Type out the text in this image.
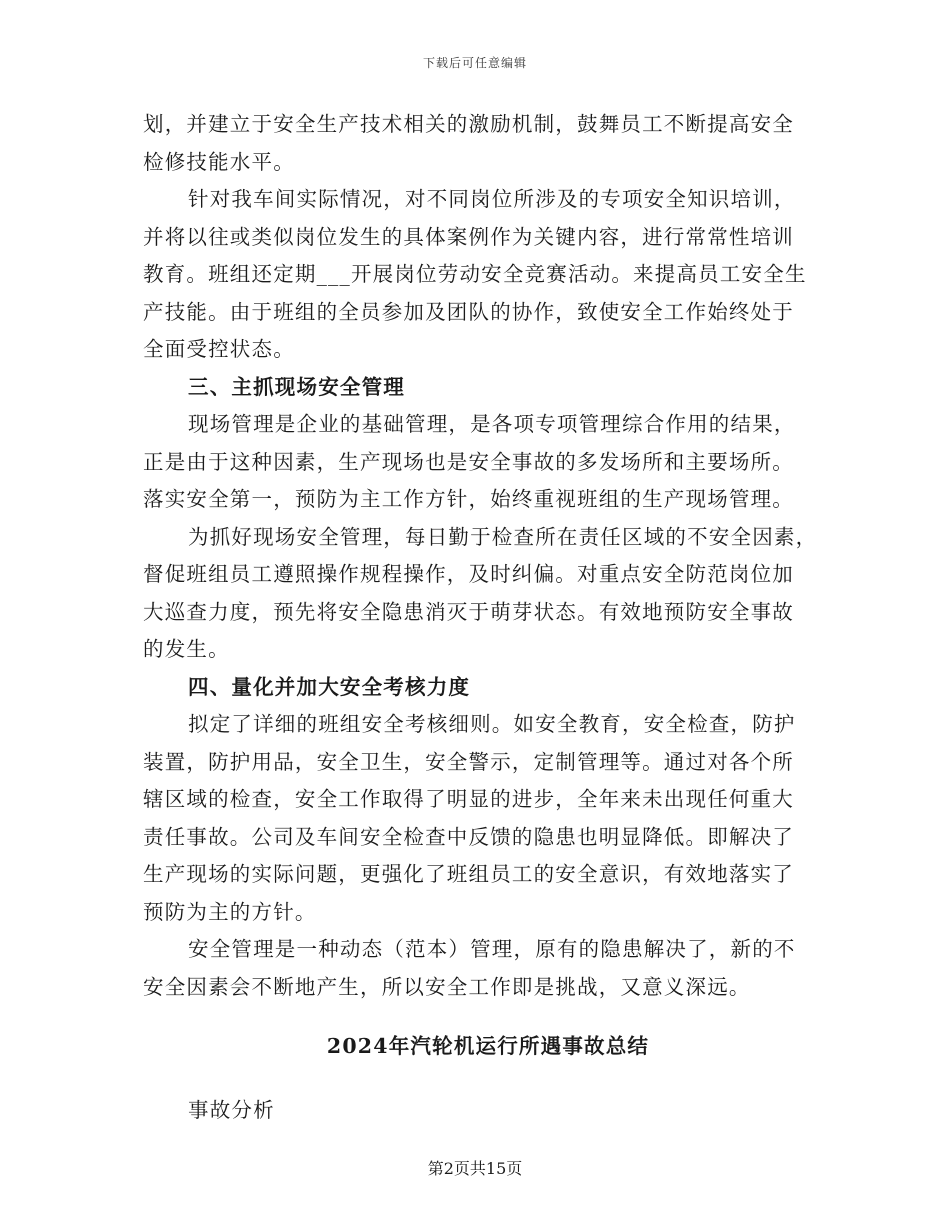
下载后可任意编辑
划，并建立于安全生产技术相关的激励机制，鼓舞员工不断提高安全
检修技能水平。
针对我车间实际情况，对不同岗位所涉及的专项安全知识培训，
并将以往或类似岗位发生的具体案例作为关键内容，进行常常性培训
教育。班组还定期___开展岗位劳动安全竞赛活动。来提高员工安全生
产技能。由于班组的全员参加及团队的协作，致使安全工作始终处于
全面受控状态。
三、主抓现场安全管理
现场管理是企业的基础管理，是各项专项管理综合作用的结果，
正是由于这种因素，生产现场也是安全事故的多发场所和主要场所。
落实安全第一，预防为主工作方针，始终重视班组的生产现场管理。
为抓好现场安全管理，每日勤于检查所在责任区域的不安全因素，
督促班组员工遵照操作规程操作，及时纠偏。对重点安全防范岗位加
大巡查力度，预先将安全隐患消灭于萌芽状态。有效地预防安全事故
的发生。
四、量化并加大安全考核力度
拟定了详细的班组安全考核细则。如安全教育，安全检查，防护
装置，防护用品，安全卫生，安全警示，定制管理等。通过对各个所
辖区域的检查，安全工作取得了明显的进步，全年来未出现任何重大
责任事故。公司及车间安全检查中反馈的隐患也明显降低。即解决了
生产现场的实际问题，更强化了班组员工的安全意识，有效地落实了
预防为主的方针。
安全管理是一种动态（范本）管理，原有的隐患解决了，新的不
安全因素会不断地产生，所以安全工作即是挑战，又意义深远。
2024年汽轮机运行所遇事故总结
事故分析
第2页共15页
